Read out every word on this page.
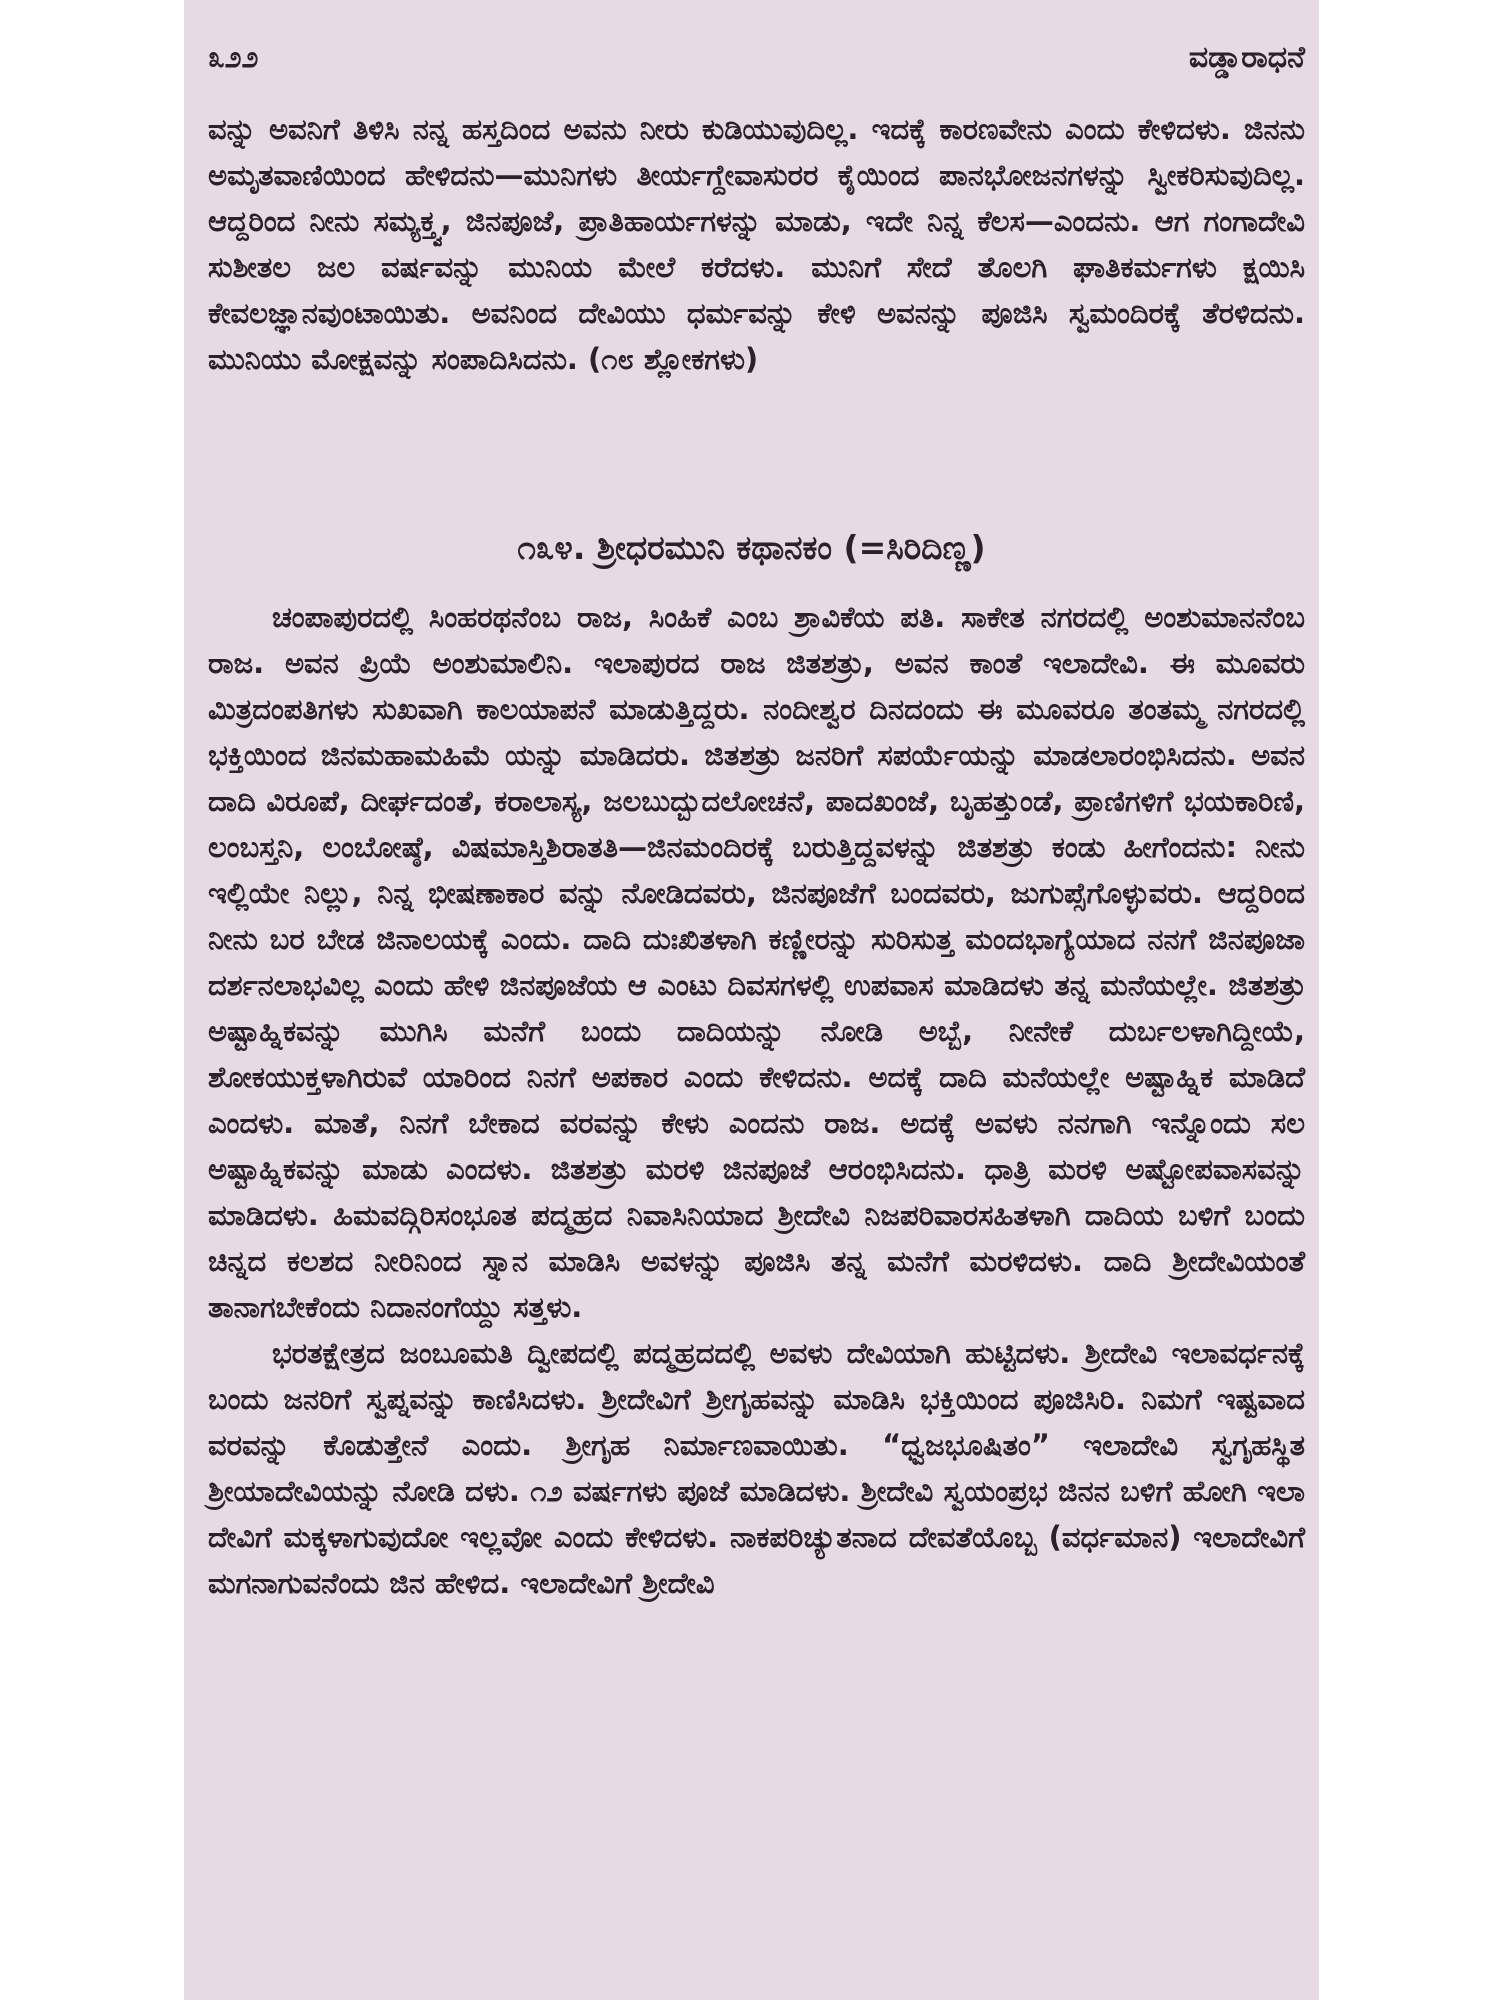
೩೨೨	ವಡ್ಡಾರಾಧನೆ

ವನ್ನು ಅವನಿಗೆ ತಿಳಿಸಿ ನನ್ನ ಹಸ್ತದಿಂದ ಅವನು ನೀರು ಕುಡಿಯುವುದಿಲ್ಲ. ಇದಕ್ಕೆ ಕಾರಣವೇನು ಎಂದು ಕೇಳಿದಳು. ಜಿನನು ಅಮೃತವಾಣಿಯಿಂದ ಹೇಳಿದನು—ಮುನಿಗಳು ತೀರ್ಯಗ್ದೇವಾಸುರರ ಕೈಯಿಂದ ಪಾನಭೋಜನಗಳನ್ನು ಸ್ವೀಕರಿಸುವುದಿಲ್ಲ. ಆದ್ದರಿಂದ ನೀನು ಸಮ್ಯಕ್ತ್ವ, ಜಿನಪೂಜೆ, ಪ್ರಾತಿಹಾರ್ಯಗಳನ್ನು ಮಾಡು, ಇದೇ ನಿನ್ನ ಕೆಲಸ—ಎಂದನು. ಆಗ ಗಂಗಾದೇವಿ ಸುಶೀತಲ ಜಲ ವರ್ಷವನ್ನು ಮುನಿಯ ಮೇಲೆ ಕರೆದಳು. ಮುನಿಗೆ ಸೇದೆ ತೊಲಗಿ ಘಾತಿಕರ್ಮಗಳು ಕ್ಷಯಿಸಿ ಕೇವಲಜ್ಞಾನವುಂಟಾಯಿತು. ಅವನಿಂದ ದೇವಿಯು ಧರ್ಮವನ್ನು ಕೇಳಿ ಅವನನ್ನು ಪೂಜಿಸಿ ಸ್ವಮಂದಿರಕ್ಕೆ ತೆರಳಿದನು. ಮುನಿಯು ಮೋಕ್ಷವನ್ನು ಸಂಪಾದಿಸಿದನು. (೧೮ ಶ್ಲೋಕಗಳು)

೧೩೪. ಶ್ರೀಧರಮುನಿ ಕಥಾನಕಂ (=ಸಿರಿದಿಣ್ಣ)

ಚಂಪಾಪುರದಲ್ಲಿ ಸಿಂಹರಥನೆಂಬ ರಾಜ, ಸಿಂಹಿಕೆ ಎಂಬ ಶ್ರಾವಿಕೆಯ ಪತಿ. ಸಾಕೇತ ನಗರದಲ್ಲಿ ಅಂಶುಮಾನನೆಂಬ ರಾಜ. ಅವನ ಪ್ರಿಯೆ ಅಂಶುಮಾಲಿನಿ. ಇಲಾಪುರದ ರಾಜ ಜಿತಶತ್ರು, ಅವನ ಕಾಂತೆ ಇಲಾದೇವಿ. ಈ ಮೂವರು ಮಿತ್ರದಂಪತಿಗಳು ಸುಖವಾಗಿ ಕಾಲಯಾಪನೆ ಮಾಡುತ್ತಿದ್ದರು. ನಂದೀಶ್ವರ ದಿನದಂದು ಈ ಮೂವರೂ ತಂತಮ್ಮ ನಗರದಲ್ಲಿ ಭಕ್ತಿಯಿಂದ ಜಿನಮಹಾಮಹಿಮೆ ಯನ್ನು ಮಾಡಿದರು. ಜಿತಶತ್ರು ಜನರಿಗೆ ಸಪರ್ಯೆಯನ್ನು ಮಾಡಲಾರಂಭಿಸಿದನು. ಅವನ ದಾದಿ ವಿರೂಪೆ, ದೀರ್ಘದಂತೆ, ಕರಾಲಾಸ್ಯ, ಜಲಬುದ್ಬುದಲೋಚನೆ, ಪಾದಖಂಜೆ, ಬೃಹತ್ತುಂಡೆ, ಪ್ರಾಣಿಗಳಿಗೆ ಭಯಕಾರಿಣಿ, ಲಂಬಸ್ತನಿ, ಲಂಬೋಷ್ಠೆ, ವಿಷಮಾಸ್ತಿಶಿರಾತತಿ—ಜಿನಮಂದಿರಕ್ಕೆ ಬರುತ್ತಿದ್ದವಳನ್ನು ಜಿತಶತ್ರು ಕಂಡು ಹೀಗೆಂದನು: ನೀನು ಇಲ್ಲಿಯೇ ನಿಲ್ಲು, ನಿನ್ನ ಭೀಷಣಾಕಾರ ವನ್ನು ನೋಡಿದವರು, ಜಿನಪೂಜೆಗೆ ಬಂದವರು, ಜುಗುಪ್ಸೆಗೊಳ್ಳುವರು. ಆದ್ದರಿಂದ ನೀನು ಬರ ಬೇಡ ಜಿನಾಲಯಕ್ಕೆ ಎಂದು. ದಾದಿ ದುಃಖಿತಳಾಗಿ ಕಣ್ಣೀರನ್ನು ಸುರಿಸುತ್ತ ಮಂದಭಾಗ್ಯೆಯಾದ ನನಗೆ ಜಿನಪೂಜಾ ದರ್ಶನಲಾಭವಿಲ್ಲ ಎಂದು ಹೇಳಿ ಜಿನಪೂಜೆಯ ಆ ಎಂಟು ದಿವಸಗಳಲ್ಲಿ ಉಪವಾಸ ಮಾಡಿದಳು ತನ್ನ ಮನೆಯಲ್ಲೇ. ಜಿತಶತ್ರು ಅಷ್ಟಾಹ್ನಿಕವನ್ನು ಮುಗಿಸಿ ಮನೆಗೆ ಬಂದು ದಾದಿಯನ್ನು ನೋಡಿ ಅಬ್ಬೆ, ನೀನೇಕೆ ದುರ್ಬಲಳಾಗಿದ್ದೀಯೆ, ಶೋಕಯುಕ್ತಳಾಗಿರುವೆ ಯಾರಿಂದ ನಿನಗೆ ಅಪಕಾರ ಎಂದು ಕೇಳಿದನು. ಅದಕ್ಕೆ ದಾದಿ ಮನೆಯಲ್ಲೇ ಅಷ್ಟಾಹ್ನಿಕ ಮಾಡಿದೆ ಎಂದಳು. ಮಾತೆ, ನಿನಗೆ ಬೇಕಾದ ವರವನ್ನು ಕೇಳು ಎಂದನು ರಾಜ. ಅದಕ್ಕೆ ಅವಳು ನನಗಾಗಿ ಇನ್ನೊಂದು ಸಲ ಅಷ್ಟಾಹ್ನಿಕವನ್ನು ಮಾಡು ಎಂದಳು. ಜಿತಶತ್ರು ಮರಳಿ ಜಿನಪೂಜೆ ಆರಂಭಿಸಿದನು. ಧಾತ್ರಿ ಮರಳಿ ಅಷ್ಟೋಪವಾಸವನ್ನು ಮಾಡಿದಳು. ಹಿಮವದ್ಗಿರಿಸಂಭೂತ ಪದ್ಮಹ್ರದ ನಿವಾಸಿನಿಯಾದ ಶ್ರೀದೇವಿ ನಿಜಪರಿವಾರಸಹಿತಳಾಗಿ ದಾದಿಯ ಬಳಿಗೆ ಬಂದು ಚಿನ್ನದ ಕಲಶದ ನೀರಿನಿಂದ ಸ್ನಾನ ಮಾಡಿಸಿ ಅವಳನ್ನು ಪೂಜಿಸಿ ತನ್ನ ಮನೆಗೆ ಮರಳಿದಳು. ದಾದಿ ಶ್ರೀದೇವಿಯಂತೆ ತಾನಾಗಬೇಕೆಂದು ನಿದಾನಂಗೆಯ್ದು ಸತ್ತಳು.

ಭರತಕ್ಷೇತ್ರದ ಜಂಬೂಮತಿ ದ್ವೀಪದಲ್ಲಿ ಪದ್ಮಹ್ರದದಲ್ಲಿ ಅವಳು ದೇವಿಯಾಗಿ ಹುಟ್ಟಿದಳು. ಶ್ರೀದೇವಿ ಇಲಾವರ್ಧನಕ್ಕೆ ಬಂದು ಜನರಿಗೆ ಸ್ವಪ್ನವನ್ನು ಕಾಣಿಸಿದಳು. ಶ್ರೀದೇವಿಗೆ ಶ್ರೀಗೃಹವನ್ನು ಮಾಡಿಸಿ ಭಕ್ತಿಯಿಂದ ಪೂಜಿಸಿರಿ. ನಿಮಗೆ ಇಷ್ಟವಾದ ವರವನ್ನು ಕೊಡುತ್ತೇನೆ ಎಂದು. ಶ್ರೀಗೃಹ ನಿರ್ಮಾಣವಾಯಿತು. “ಧ್ವಜಭೂಷಿತಂ” ಇಲಾದೇವಿ ಸ್ವಗೃಹಸ್ಥಿತ ಶ್ರೀಯಾದೇವಿಯನ್ನು ನೋಡಿ ದಳು. ೧೨ ವರ್ಷಗಳು ಪೂಜೆ ಮಾಡಿದಳು. ಶ್ರೀದೇವಿ ಸ್ವಯಂಪ್ರಭ ಜಿನನ ಬಳಿಗೆ ಹೋಗಿ ಇಲಾ ದೇವಿಗೆ ಮಕ್ಕಳಾಗುವುದೋ ಇಲ್ಲವೋ ಎಂದು ಕೇಳಿದಳು. ನಾಕಪರಿಚ್ಯುತನಾದ ದೇವತೆಯೊಬ್ಬ (ವರ್ಧಮಾನ) ಇಲಾದೇವಿಗೆ ಮಗನಾಗುವನೆಂದು ಜಿನ ಹೇಳಿದ. ಇಲಾದೇವಿಗೆ ಶ್ರೀದೇವಿ
